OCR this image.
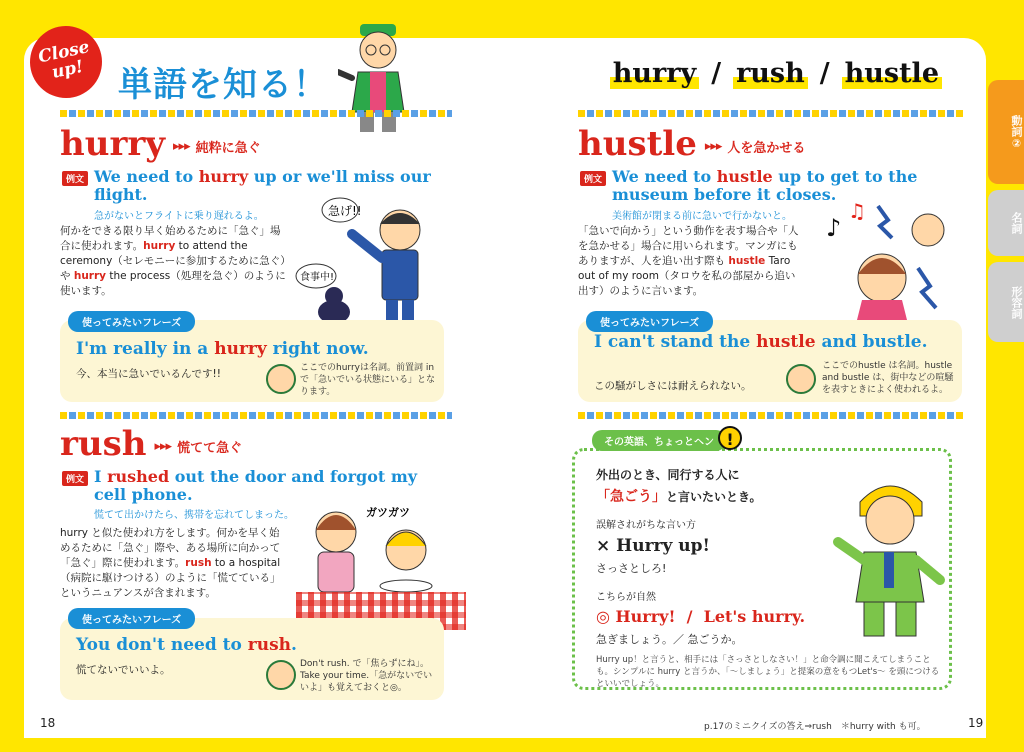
Close up! 単語を知る！	hurry / rush / hustle
動詞②
名詞
形容詞
hurry ▸▸▸ 純粋に急ぐ
例文 We need to hurry up or we'll miss our flight.
急がないとフライトに乗り遅れるよ。
何かをできる限り早く始めるために「急ぐ」場合に使われます。hurry to attend the ceremony（セレモニーに参加するために急ぐ）や hurry the process（処理を急ぐ）のように使います。
急げ!!
食事中!
使ってみたいフレーズ
I'm really in a hurry right now.
今、本当に急いでいるんです!!	ここでのhurryは名詞。前置詞 in で「急いでいる状態にいる」となります。
rush ▸▸▸ 慌てて急ぐ
例文 I rushed out the door and forgot my cell phone.
慌てて出かけたら、携帯を忘れてしまった。
hurry と似た使われ方をします。何かを早く始めるために「急ぐ」際や、ある場所に向かって「急ぐ」際に使われます。rush to a hospital（病院に駆けつける）のように「慌てている」というニュアンスが含まれます。
ガツガツ
使ってみたいフレーズ
You don't need to rush.
慌てないでいいよ。	Don't rush. で「焦らずにね」。Take your time.「急がないでいいよ」も覚えておくと◎。
hustle ▸▸▸ 人を急かせる
例文 We need to hustle up to get to the museum before it closes.
美術館が閉まる前に急いで行かないと。
「急いで向かう」という動作を表す場合や「人を急かせる」場合に用いられます。マンガにもありますが、人を追い出す際も hustle Taro out of my room（タロウを私の部屋から追い出す）のように言います。
♪
♫
使ってみたいフレーズ
I can't stand the hustle and bustle.
この騒がしさには耐えられない。
ここでのhustle は名詞。hustle and bustle は、街中などの喧騒を表すときによく使われるよ。
その英語、ちょっとヘン !
外出のとき、同行する人に
「急ごう」と言いたいとき。
誤解されがちな言い方
× Hurry up!
さっさとしろ!
こちらが自然
◎ Hurry!  /  Let's hurry.
急ぎましょう。／ 急ごうか。
Hurry up！と言うと、相手には「さっさとしなさい！」と命令調に聞こえてしまうことも。シンプルに hurry と言うか、「〜しましょう」と提案の意をもつLet's〜 を頭につけるといいでしょう。
18	19
p.17のミニクイズの答え⇒rush　＊hurry with も可。
